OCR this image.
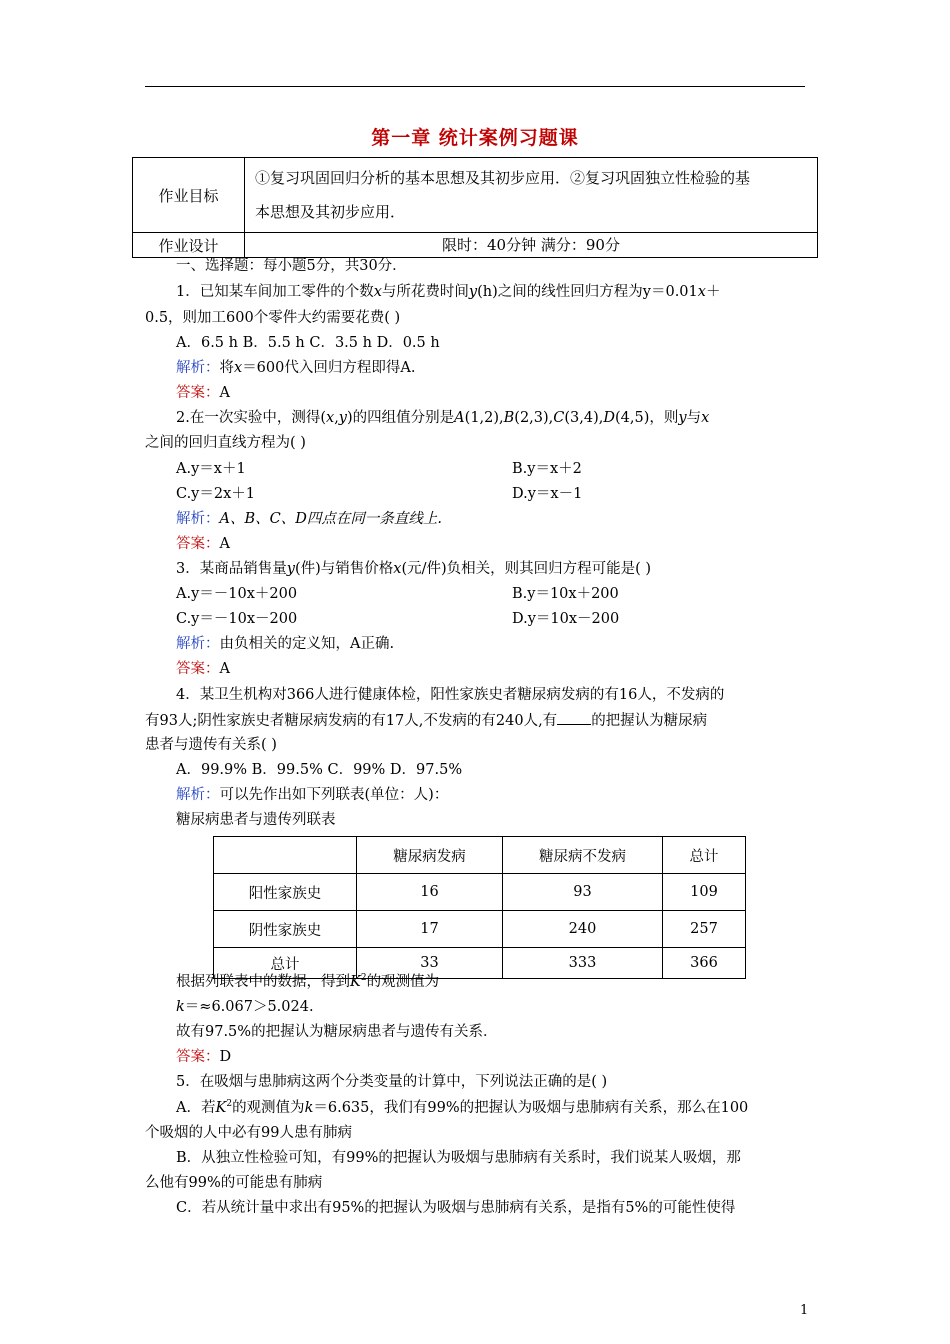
第一章 统计案例习题课
作业目标	①复习巩固回归分析的基本思想及其初步应用．②复习巩固独立性检验的基
本思想及其初步应用．
作业设计	限时：40分钟 满分：90分
一、选择题：每小题5分，共30分．
1．已知某车间加工零件的个数x与所花费时间y(h)之间的线性回归方程为y＝0.01x＋
0.5，则加工600个零件大约需要花费( )
A．6.5 h B．5.5 h C．3.5 h D．0.5 h
解析：将x＝600代入回归方程即得A.
答案：A
2.在一次实验中，测得(x,y)的四组值分别是A(1,2),B(2,3),C(3,4),D(4,5)，则y与x
之间的回归直线方程为( )
A.y＝x＋1	B.y＝x＋2
C.y＝2x＋1	D.y＝x－1
解析：A、B、C、D四点在同一条直线上.
答案：A
3．某商品销售量y(件)与销售价格x(元/件)负相关，则其回归方程可能是( )
A.y＝－10x＋200	B.y＝10x＋200
C.y＝－10x－200	D.y＝10x－200
解析：由负相关的定义知，A正确.
答案：A
4．某卫生机构对366人进行健康体检，阳性家族史者糖尿病发病的有16人，不发病的
有93人;阴性家族史者糖尿病发病的有17人,不发病的有240人,有 的把握认为糖尿病
患者与遗传有关系( )
A．99.9% B．99.5% C．99% D．97.5%
解析：可以先作出如下列联表(单位：人)：
糖尿病患者与遗传列联表
	糖尿病发病	糖尿病不发病	总计
阳性家族史	16	93	109
阴性家族史	17	240	257
总计	33	333	366
根据列联表中的数据，得到$K^2$的观测值为
k＝≈6.067＞5.024.
故有97.5%的把握认为糖尿病患者与遗传有关系．
答案：D
5．在吸烟与患肺病这两个分类变量的计算中，下列说法正确的是( )
A．若$K^2$的观测值为k＝6.635，我们有99%的把握认为吸烟与患肺病有关系，那么在100
个吸烟的人中必有99人患有肺病
B．从独立性检验可知，有99%的把握认为吸烟与患肺病有关系时，我们说某人吸烟，那
么他有99%的可能患有肺病
C．若从统计量中求出有95%的把握认为吸烟与患肺病有关系，是指有5%的可能性使得
1
